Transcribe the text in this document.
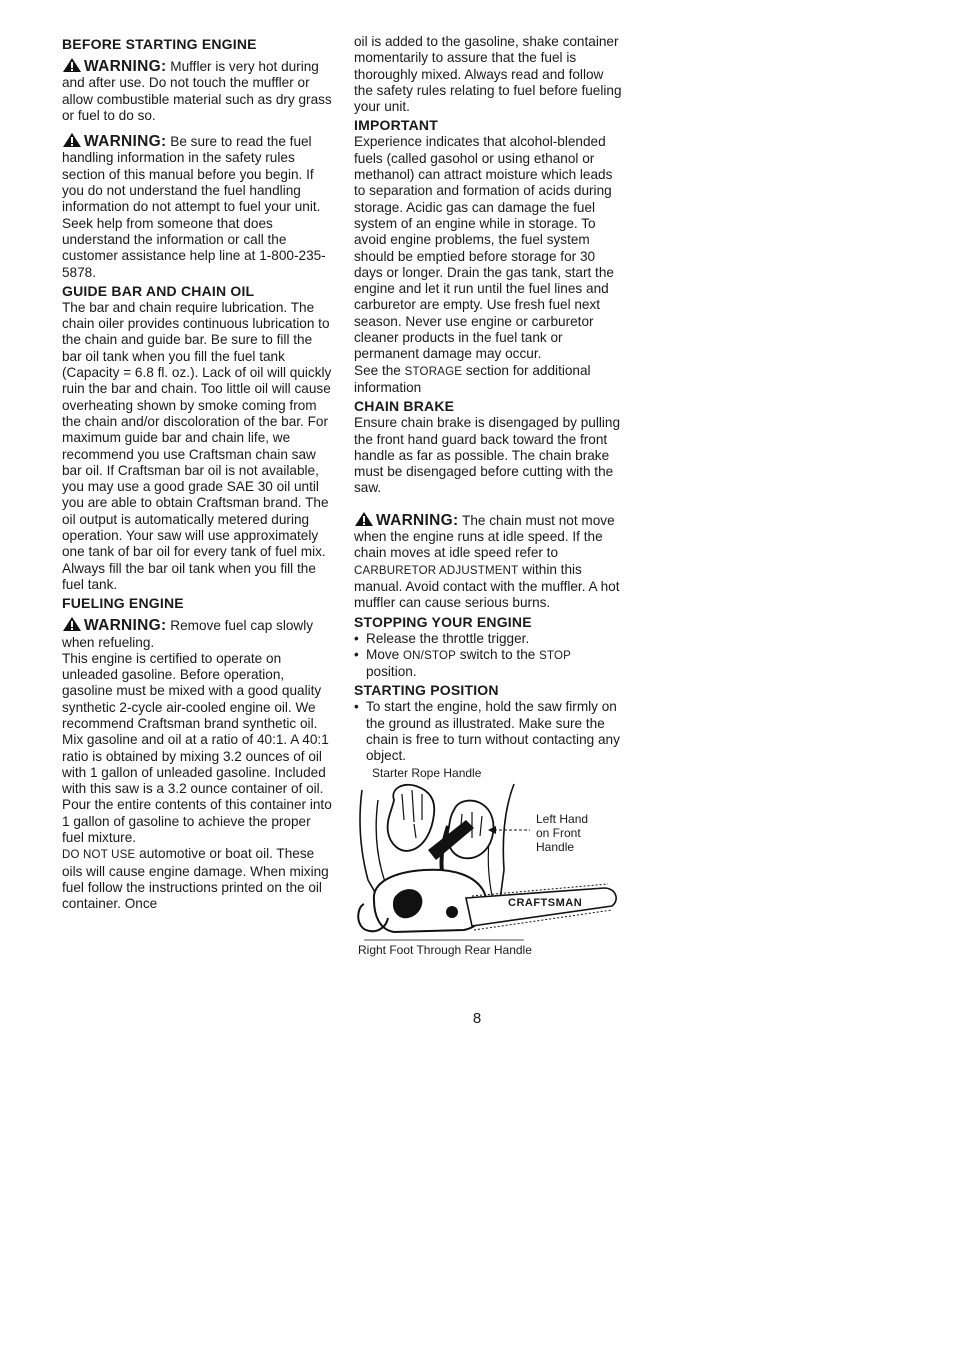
BEFORE STARTING ENGINE

WARNING: Muffler is very hot during and after use. Do not touch the muffler or allow combustible material such as dry grass or fuel to do so.

WARNING: Be sure to read the fuel handling information in the safety rules section of this manual before you begin. If you do not understand the fuel handling information do not attempt to fuel your unit. Seek help from someone that does understand the information or call the customer assistance help line at 1-800-235-5878.

GUIDE BAR AND CHAIN OIL

The bar and chain require lubrication. The chain oiler provides continuous lubrication to the chain and guide bar. Be sure to fill the bar oil tank when you fill the fuel tank (Capacity = 6.8 fl. oz.). Lack of oil will quickly ruin the bar and chain. Too little oil will cause overheating shown by smoke coming from the chain and/or discoloration of the bar. For maximum guide bar and chain life, we recommend you use Craftsman chain saw bar oil. If Craftsman bar oil is not available, you may use a good grade SAE 30 oil until you are able to obtain Craftsman brand. The oil output is automatically metered during operation. Your saw will use approximately one tank of bar oil for every tank of fuel mix. Always fill the bar oil tank when you fill the fuel tank.

FUELING ENGINE

WARNING: Remove fuel cap slowly when refueling.

This engine is certified to operate on unleaded gasoline. Before operation, gasoline must be mixed with a good quality synthetic 2-cycle air-cooled engine oil. We recommend Craftsman brand synthetic oil. Mix gasoline and oil at a ratio of 40:1. A 40:1 ratio is obtained by mixing 3.2 ounces of oil with 1 gallon of unleaded gasoline. Included with this saw is a 3.2 ounce container of oil. Pour the entire contents of this container into 1 gallon of gasoline to achieve the proper fuel mixture.

DO NOT USE automotive or boat oil. These oils will cause engine damage. When mixing fuel follow the instructions printed on the oil container. Once

oil is added to the gasoline, shake container momentarily to assure that the fuel is thoroughly mixed. Always read and follow the safety rules relating to fuel before fueling your unit.

IMPORTANT

Experience indicates that alcohol-blended fuels (called gasohol or using ethanol or methanol) can attract moisture which leads to separation and formation of acids during storage. Acidic gas can damage the fuel system of an engine while in storage. To avoid engine problems, the fuel system should be emptied before storage for 30 days or longer. Drain the gas tank, start the engine and let it run until the fuel lines and carburetor are empty. Use fresh fuel next season. Never use engine or carburetor cleaner products in the fuel tank or permanent damage may occur.

See the STORAGE section for additional information

CHAIN BRAKE

Ensure chain brake is disengaged by pulling the front hand guard back toward the front handle as far as possible. The chain brake must be disengaged before cutting with the saw.

WARNING: The chain must not move when the engine runs at idle speed. If the chain moves at idle speed refer to CARBURETOR ADJUSTMENT within this manual. Avoid contact with the muffler. A hot muffler can cause serious burns.

STOPPING YOUR ENGINE
• Release the throttle trigger.
• Move ON/STOP switch to the STOP position.
STARTING POSITION
• To start the engine, hold the saw firmly on the ground as illustrated. Make sure the chain is free to turn without contacting any object.
Starter Rope Handle
CRAFTSMAN
Left Hand
on Front
Handle
Right Foot Through Rear Handle
8
